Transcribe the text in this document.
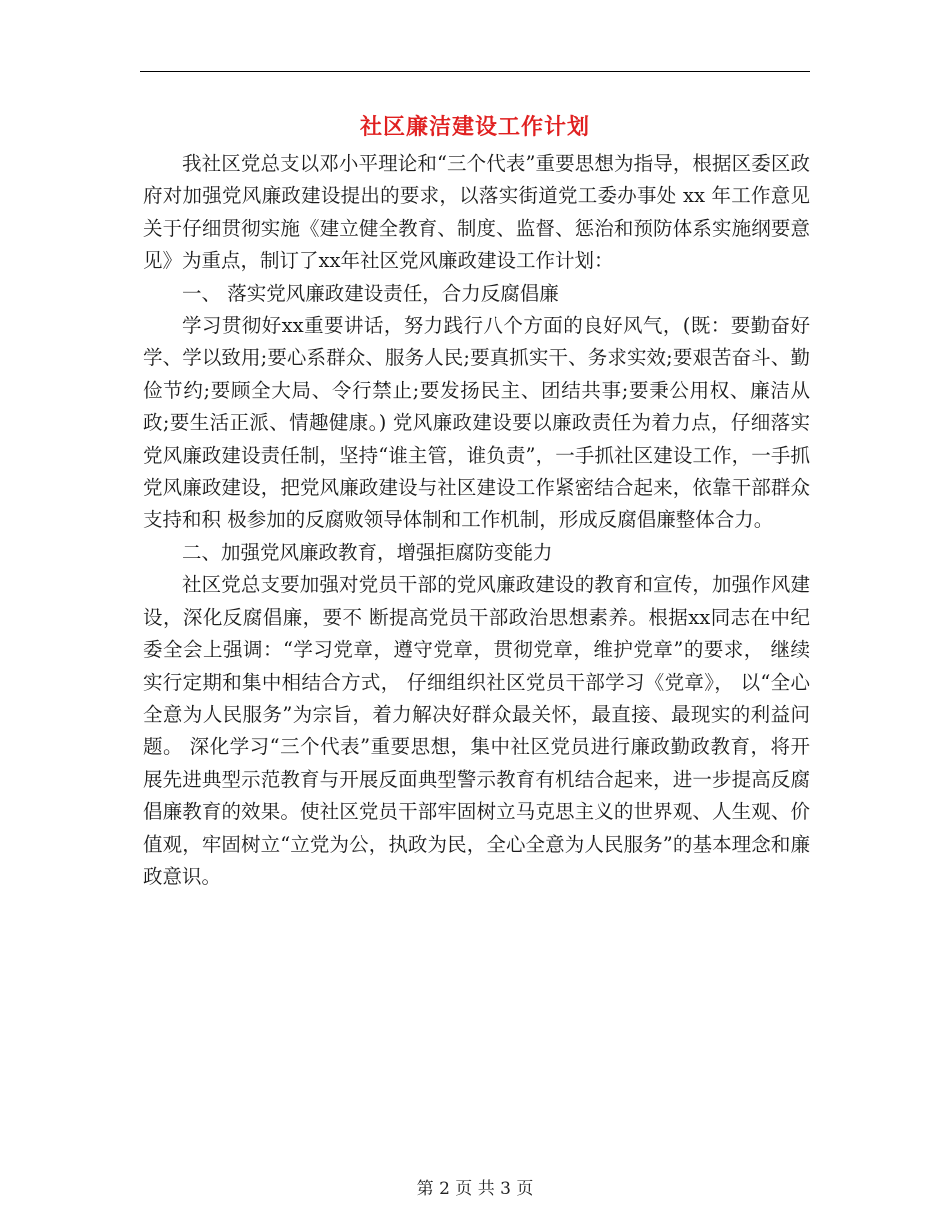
社区廉洁建设工作计划

我社区党总支以邓小平理论和“三个代表”重要思想为指导，根据区委区政府对加强党风廉政建设提出的要求，以落实街道党工委办事处 xx 年工作意见关于仔细贯彻实施《建立健全教育、制度、监督、惩治和预防体系实施纲要意见》为重点，制订了xx年社区党风廉政建设工作计划：

一、 落实党风廉政建设责任，合力反腐倡廉

学习贯彻好xx重要讲话，努力践行八个方面的良好风气，(既：要勤奋好学、学以致用;要心系群众、服务人民;要真抓实干、务求实效;要艰苦奋斗、勤俭节约;要顾全大局、令行禁止;要发扬民主、团结共事;要秉公用权、廉洁从政;要生活正派、情趣健康。) 党风廉政建设要以廉政责任为着力点，仔细落实党风廉政建设责任制，坚持“谁主管，谁负责”，一手抓社区建设工作，一手抓党风廉政建设，把党风廉政建设与社区建设工作紧密结合起来，依靠干部群众支持和积 极参加的反腐败领导体制和工作机制，形成反腐倡廉整体合力。

二、加强党风廉政教育，增强拒腐防变能力

社区党总支要加强对党员干部的党风廉政建设的教育和宣传，加强作风建设，深化反腐倡廉，要不 断提高党员干部政治思想素养。根据xx同志在中纪委全会上强调：“学习党章，遵守党章，贯彻党章，维护党章”的要求， 继续实行定期和集中相结合方式， 仔细组织社区党员干部学习《党章》， 以“全心全意为人民服务”为宗旨，着力解决好群众最关怀，最直接、最现实的利益问题。 深化学习“三个代表”重要思想，集中社区党员进行廉政勤政教育，将开展先进典型示范教育与开展反面典型警示教育有机结合起来，进一步提高反腐倡廉教育的效果。使社区党员干部牢固树立马克思主义的世界观、人生观、价值观，牢固树立“立党为公，执政为民，全心全意为人民服务”的基本理念和廉政意识。

第 2 页 共 3 页
